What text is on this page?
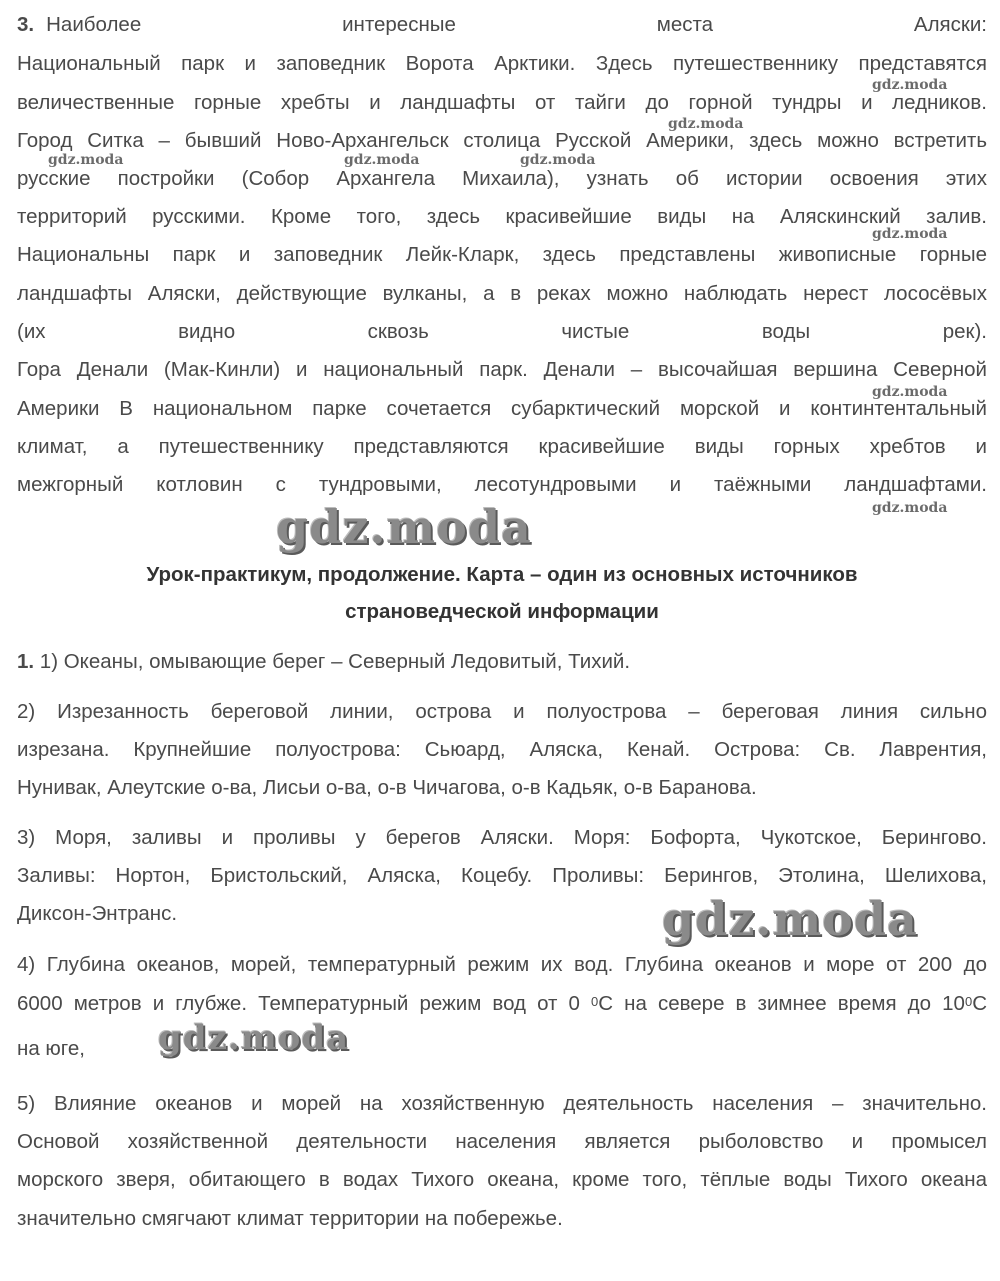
3. Наиболее интересные места Аляски:
Национальный парк и заповедник Ворота Арктики. Здесь путешественнику представятся
величественные горные хребты и ландшафты от тайги до горной тундры и ледников.
Город Ситка – бывший Ново-Архангельск столица Русской Америки, здесь можно встретить
русские постройки (Собор Архангела Михаила), узнать об истории освоения этих
территорий русскими. Кроме того, здесь красивейшие виды на Аляскинский залив.
Национальны парк и заповедник Лейк-Кларк, здесь представлены живописные горные
ландшафты Аляски, действующие вулканы, а в реках можно наблюдать нерест лососёвых
(их видно сквозь чистые воды рек).
Гора Денали (Мак-Кинли) и национальный парк. Денали – высочайшая вершина Северной
Америки В национальном парке сочетается субарктический морской и континтентальный
климат, а путешественнику представляются красивейшие виды горных хребтов и
межгорный котловин с тундровыми, лесотундровыми и таёжными ландшафтами.
Урок-практикум, продолжение. Карта – один из основных источников
страноведческой информации
1. 1) Океаны, омывающие берег – Северный Ледовитый, Тихий.
2) Изрезанность береговой линии, острова и полуострова – береговая линия сильно
изрезана. Крупнейшие полуострова: Сьюард, Аляска, Кенай. Острова: Св. Лаврентия,
Нунивак, Алеутские о-ва, Лисьи о-ва, о-в Чичагова, о-в Кадьяк, о-в Баранова.
3) Моря, заливы и проливы у берегов Аляски. Моря: Бофорта, Чукотское, Берингово.
Заливы: Нортон, Бристольский, Аляска, Коцебу. Проливы: Берингов, Этолина, Шелихова,
Диксон-Энтранс.
4) Глубина океанов, морей, температурный режим их вод. Глубина океанов и море от 200 до
6000 метров и глубже. Температурный режим вод от 0 $^0$С на севере в зимнее время до $10^0С$
на юге,
5) Влияние океанов и морей на хозяйственную деятельность населения – значительно.
Основой хозяйственной деятельности населения является рыболовство и промысел
морского зверя, обитающего в водах Тихого океана, кроме того, тёплые воды Тихого океана
значительно смягчают климат территории на побережье.
gdz.moda
gdz.moda
gdz.moda	gdz.moda	gdz.moda
gdz.moda
gdz.moda
gdz.moda
gdz.moda
gdz.moda
gdz.moda
